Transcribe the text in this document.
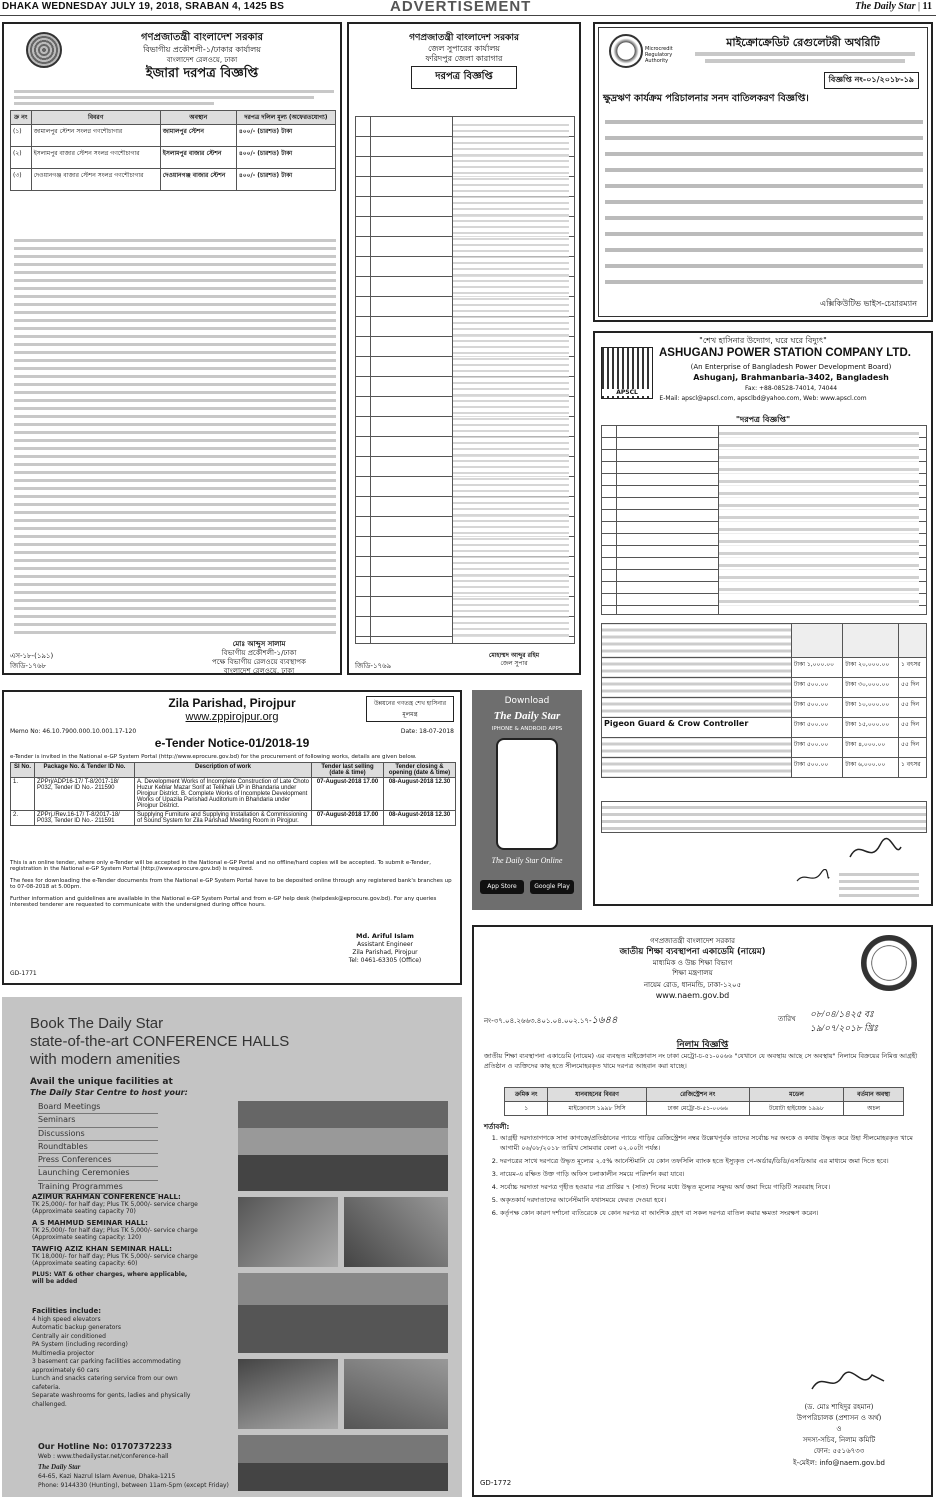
DHAKA WEDNESDAY JULY 19, 2018, SRABAN 4, 1425 BS	ADVERTISEMENT	The Daily Star | 11
গণপ্রজাতন্ত্রী বাংলাদেশ সরকার
বিভাগীয় প্রকৌশলী-১/ঢাকার কার্যালয়
বাংলাদেশ রেলওয়ে, ঢাকা
ইজারা দরপত্র বিজ্ঞপ্তি
ক্র নং	বিবরণ	অবস্থান	দরপত্র দলিল মূল্য (অফেরতযোগ্য)
(১)	জামালপুর স্টেশন সংলগ্ন গণশৌচাগার	জামালপুর স্টেশন	৪০০/- (চারশত) টাকা
(২)	ইসলামপুর বাজার স্টেশন সংলগ্ন গণশৌচাগার	ইসলামপুর বাজার স্টেশন	৪০০/- (চারশত) টাকা
(৩)	দেওয়ানগঞ্জ বাজার স্টেশন সংলগ্ন গণশৌচাগার	দেওয়ানগঞ্জ বাজার স্টেশন	৪০০/- (চারশত) টাকা
মোঃ আব্দুস সালাম
বিভাগীয় প্রকৌশলী-১/ঢাকা
এস-১৮-(১৯১)
জিডি-১৭৬৮	পক্ষে বিভাগীয় রেলওয়ে ব্যবস্থাপক
বাংলাদেশ রেলওয়ে, ঢাকা
গণপ্রজাতন্ত্রী বাংলাদেশ সরকার
জেল সুপারের কার্যালয়
ফরিদপুর জেলা কারাগার
দরপত্র বিজ্ঞপ্তি
মোহাম্মদ আব্দুর রহিম
জেল সুপার
জিডি-১৭৬৯
Microcredit Regulatory Authority
মাইক্রোক্রেডিট রেগুলেটরী অথরিটি
বিজ্ঞপ্তি নং-০১/২০১৮-১৯
ক্ষুদ্রঋণ কার্যক্রম পরিচালনার সনদ বাতিলকরণ বিজ্ঞপ্তি।
এক্সিকিউটিভ ভাইস-চেয়ারম্যান
"শেখ হাসিনার উদ্যোগ, ঘরে ঘরে বিদ্যুৎ"
APSCL
ASHUGANJ POWER STATION COMPANY LTD.
(An Enterprise of Bangladesh Power Development Board)
Ashuganj, Brahmanbaria-3402, Bangladesh
Fax: +88-08528-74014, 74044
E-Mail: apscl@apscl.com, apsclbd@yahoo.com, Web: www.apscl.com
"দরপত্র বিজ্ঞপ্তি"

	টাকা ১,০০০.০০	টাকা ২০,০০০.০০	১ বৎসর
	টাকা ৫০০.০০	টাকা ৩০,০০০.০০	৫৫ দিন
	টাকা ৫০০.০০	টাকা ১০,০০০.০০	৫৫ দিন
Pigeon Guard & Crow Controller	টাকা ৫০০.০০	টাকা ১৫,০০০.০০	৫৫ দিন
	টাকা ৫০০.০০	টাকা ৪,০০০.০০	৫৫ দিন
	টাকা ৫০০.০০	টাকা ৬,০০০.০০	১ বৎসর
Zila Parishad, Pirojpur
www.zppirojpur.org
উন্নয়নের গণতন্ত্র শেখ হাসিনার মূলমন্ত্র
Memo No: 46.10.7900.000.10.001.17-120	Date: 18-07-2018
e-Tender Notice-01/2018-19
e-Tender is invited in the National e-GP System Portal (http://www.eprocure.gov.bd) for the procurement of following works, details are given below.
Sl No.	Package No. & Tender ID No.	Description of work	Tender last selling (date & time)	Tender closing & opening (date & time)
1.	ZPPrj/ADP16-17/ T-8/2017-18/ P032, Tender ID No.- 211590	A. Development Works of Incomplete Construction of Late Choto Huzur Keblar Mazar Sorif at Telikhali UP in Bhandaria under Pirojpur District. B. Complete Works of Incomplete Development Works of Upazila Parishad Auditorium in Bhandaria under Pirojpur District.	07-August-2018 17.00	08-August-2018 12.30
2.	ZPPrj./Rev.16-17/ T-8/2017-18/ P033, Tender ID No.- 211591	Supplying Furniture and Supplying Installation & Commissioning of Sound System for Zila Parishad Meeting Room in Pirojpur.	07-August-2018 17.00	08-August-2018 12.30
This is an online tender, where only e-Tender will be accepted in the National e-GP Portal and no offline/hard copies will be accepted. To submit e-Tender, registration in the National e-GP System Portal (http://www.eprocure.gov.bd) is required.
The fees for downloading the e-Tender documents from the National e-GP System Portal have to be deposited online through any registered bank's branches up to 07-08-2018 at 5.00pm.
Further information and guidelines are available in the National e-GP System Portal and from e-GP help desk (helpdesk@eprocure.gov.bd). For any queries interested tenderer are requested to communicate with the undersigned during office hours.
Md. Ariful Islam
Assistant Engineer
Zila Parishad, Pirojpur
Tel: 0461-63305 (Office)
GD-1771
Download
The Daily Star
IPHONE & ANDROID APPS
The Daily Star Online
App Store	Google Play
Book The Daily Star
state-of-the-art CONFERENCE HALLS
with modern amenities
Avail the unique facilities at
The Daily Star Centre to host your:
Board Meetings
Seminars
Discussions
Roundtables
Press Conferences
Launching Ceremonies
Training Programmes
AZIMUR RAHMAN CONFERENCE HALL:
TK 25,000/- for half day; Plus TK 5,000/- service charge
(Approximate seating capacity 70)
A S MAHMUD SEMINAR HALL:
TK 25,000/- for half day; Plus TK 5,000/- service charge
(Approximate seating capacity: 120)
TAWFIQ AZIZ KHAN SEMINAR HALL:
TK 18,000/- for half day; Plus TK 5,000/- service charge
(Approximate seating capacity: 60)
PLUS: VAT & other charges, where applicable, will be added
Facilities include:
4 high speed elevators
Automatic backup generators
Centrally air conditioned
PA System (including recording)
Multimedia projector
3 basement car parking facilities accommodating approximately 60 cars
Lunch and snacks catering service from our own cafeteria.
Separate washrooms for gents, ladies and physically challenged.
Our Hotline No: 01707372233
Web : www.thedailystar.net/conference-hall
The Daily Star
64-65, Kazi Nazrul Islam Avenue, Dhaka-1215
Phone: 9144330 (Hunting), between 11am-5pm (except Friday)
গণপ্রজাতন্ত্রী বাংলাদেশ সরকার
জাতীয় শিক্ষা ব্যবস্থাপনা একাডেমি (নায়েম)
মাধ্যমিক ও উচ্চ শিক্ষা বিভাগ
শিক্ষা মন্ত্রণালয়
নায়েম রোড, ধানমন্ডি, ঢাকা-১২০৫
www.naem.gov.bd
নং-৩৭.০৪.২৬৬৩.৪০১.০৪.০০২.১৭-১৬৪৪	তারিখ ০৮/০৪/১৪২৫ বঃ
১৯/০৭/২০১৮ খ্রিঃ
নিলাম বিজ্ঞপ্তি
জাতীয় শিক্ষা ব্যবস্থাপনা একাডেমি (নায়েম) এর ব্যবহৃত মাইক্রোবাস নং ঢাকা মেট্রো-চ-৫১-০০৬৬ "যেখানে যে অবস্থায় আছে সে অবস্থায়" নিলামে বিক্রয়ের নিমিত্ত আগ্রহী প্রতিষ্ঠান ও ব্যক্তিদের কাছ হতে সীলমোহরকৃত খামে দরপত্র আহবান করা যাচ্ছে।
ক্রমিক নং	যানবাহনের বিবরণ	রেজিস্ট্রেশন নং	মডেল	বর্তমান অবস্থা
১	মাইক্রোবাস ১৯৯৮ সিসি	ঢাকা মেট্রো-চ-৫১-০০৬৬	টয়োটা হাইয়েজ ১৯৯৮	অচল
শর্তাবলী:
1. আগ্রহী দরদাতাগণকে সাদা কাগজে/প্রতিষ্ঠানের প্যাডে গাড়ির রেজিস্ট্রেশন নম্বর উল্লেখপূর্বক তাদের সর্বোচ্চ দর অংকে ও কথায় উদ্ধৃত করে উহা সীলমোহরকৃত খামে আগামী ০৬/০৮/২০১৮ তারিখ সোমবার বেলা ০২.০০টা পর্যন্ত।
2. দরপত্রের সাথে দরপত্রে উদ্ধৃত মূল্যের ২.৫% আর্নেস্টমানি যে কোন তফসিলি ব্যাংক হতে ইস্যুকৃত পে-অর্ডার/ডিডি/এসডিআর এর মাধ্যমে জমা দিতে হবে।
3. নায়েম-এ রক্ষিত উক্ত গাড়ি অফিস চলাকালীন সময়ে পরিদর্শন করা যাবে।
4. সর্বোচ্চ দরদাতা দরপত্র গৃহীত হওয়ার পত্র প্রাপ্তির ৭ (সাত) দিনের মধ্যে উদ্ধৃত মূল্যের সমুদয় অর্থ জমা দিয়ে গাড়িটি সরবরাহ নিবে।
5. অকৃতকার্য দরদাতাদের আর্নেস্টমানি যথাসময়ে ফেরত দেওয়া হবে।
6. কর্তৃপক্ষ কোন কারণ দর্শানো ব্যতিরেকে যে কোন দরপত্র বা আংশিক গ্রহণ বা সকল দরপত্র বাতিল করার ক্ষমতা সংরক্ষণ করেন।
(ড. মোঃ শাহিদুর রহমান)
উপপরিচালক (প্রশাসন ও অর্থ)
ও
সদস্য-সচিব, নিলাম কমিটি
ফোন: ৫৫১৬৭৩৩
ই-মেইল: info@naem.gov.bd
GD-1772
